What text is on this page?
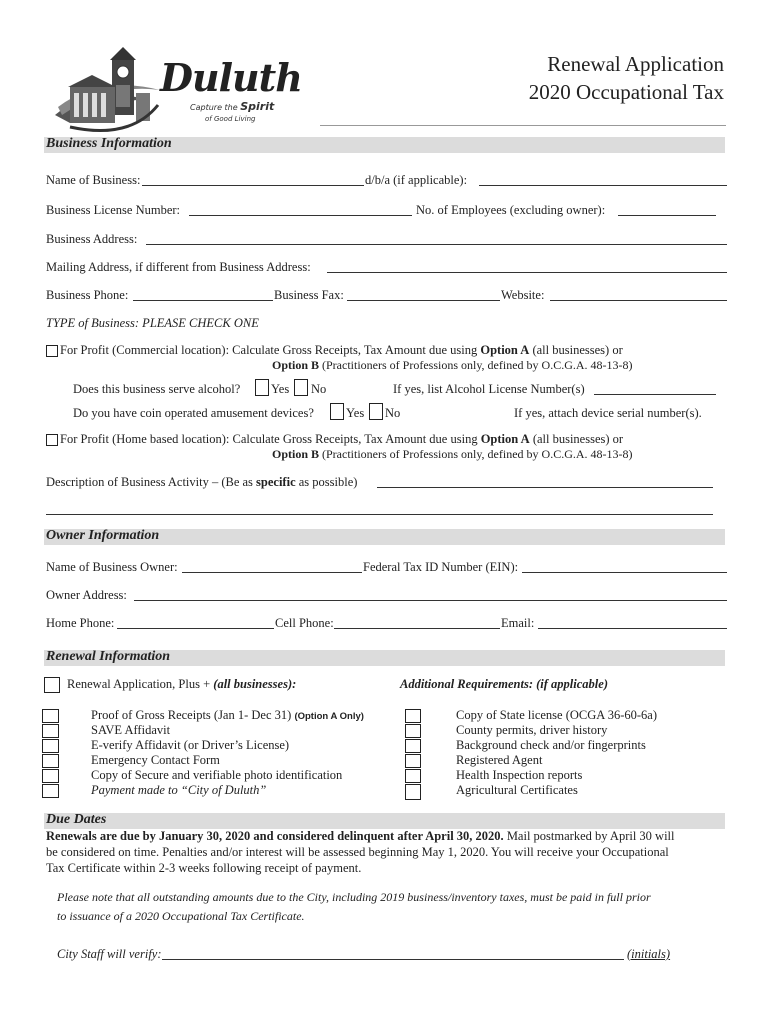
Duluth
Capture the Spirit
of Good Living
Renewal Application
2020 Occupational Tax
Business Information
Name of Business:	d/b/a (if applicable):
Business License Number:	No. of Employees (excluding owner):
Business Address:
Mailing Address, if different from Business Address:
Business Phone:	Business Fax:	Website:
TYPE of Business: PLEASE CHECK ONE
For Profit (Commercial location): Calculate Gross Receipts, Tax Amount due using Option A (all businesses) or
Option B (Practitioners of Professions only, defined by O.C.G.A. 48-13-8)
Does this business serve alcohol? Yes No	If yes, list Alcohol License Number(s)
Do you have coin operated amusement devices?	Yes No	If yes, attach device serial number(s).
For Profit (Home based location): Calculate Gross Receipts, Tax Amount due using Option A (all businesses) or
Option B (Practitioners of Professions only, defined by O.C.G.A. 48-13-8)
Description of Business Activity – (Be as specific as possible)
Owner Information
Name of Business Owner:	Federal Tax ID Number (EIN):
Owner Address:
Home Phone:	Cell Phone:	Email:
Renewal Information
Renewal Application, Plus + (all businesses):	Additional Requirements: (if applicable)
Proof of Gross Receipts (Jan 1- Dec 31) (Option A Only)
SAVE Affidavit
E-verify Affidavit (or Driver’s License)
Emergency Contact Form
Copy of Secure and verifiable photo identification
Payment made to “City of Duluth”
Copy of State license (OCGA 36-60-6a)
County permits, driver history
Background check and/or fingerprints
Registered Agent
Health Inspection reports
Agricultural Certificates
Due Dates
Renewals are due by January 30, 2020 and considered delinquent after April 30, 2020. Mail postmarked by April 30 will
be considered on time. Penalties and/or interest will be assessed beginning May 1, 2020. You will receive your Occupational
Tax Certificate within 2-3 weeks following receipt of payment.
Please note that all outstanding amounts due to the City, including 2019 business/inventory taxes, must be paid in full prior
to issuance of a 2020 Occupational Tax Certificate.
City Staff will verify:	(initials)
